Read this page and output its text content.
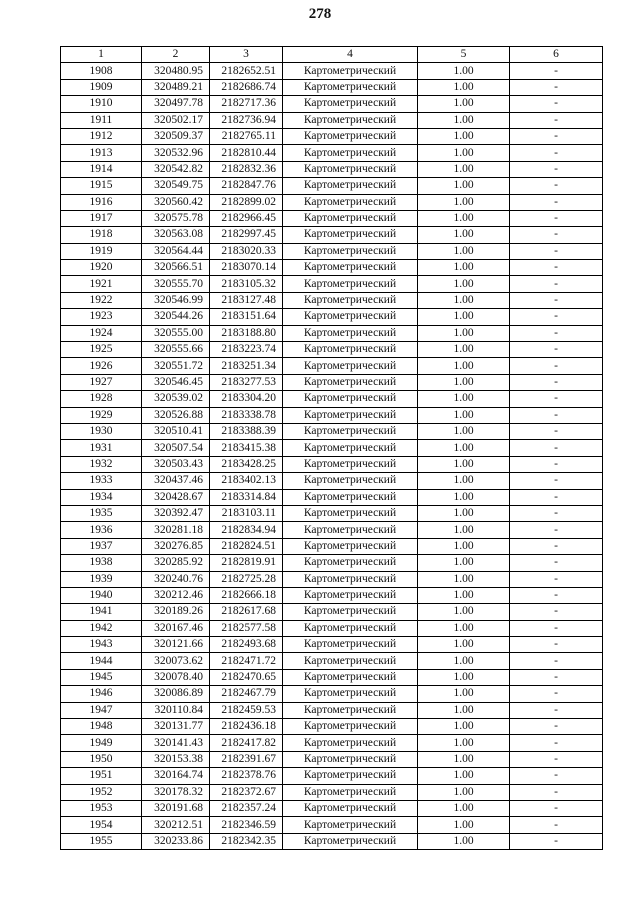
278
1	2	3	4	5	6
1908	320480.95	2182652.51	Картометрический	1.00	-
1909	320489.21	2182686.74	Картометрический	1.00	-
1910	320497.78	2182717.36	Картометрический	1.00	-
1911	320502.17	2182736.94	Картометрический	1.00	-
1912	320509.37	2182765.11	Картометрический	1.00	-
1913	320532.96	2182810.44	Картометрический	1.00	-
1914	320542.82	2182832.36	Картометрический	1.00	-
1915	320549.75	2182847.76	Картометрический	1.00	-
1916	320560.42	2182899.02	Картометрический	1.00	-
1917	320575.78	2182966.45	Картометрический	1.00	-
1918	320563.08	2182997.45	Картометрический	1.00	-
1919	320564.44	2183020.33	Картометрический	1.00	-
1920	320566.51	2183070.14	Картометрический	1.00	-
1921	320555.70	2183105.32	Картометрический	1.00	-
1922	320546.99	2183127.48	Картометрический	1.00	-
1923	320544.26	2183151.64	Картометрический	1.00	-
1924	320555.00	2183188.80	Картометрический	1.00	-
1925	320555.66	2183223.74	Картометрический	1.00	-
1926	320551.72	2183251.34	Картометрический	1.00	-
1927	320546.45	2183277.53	Картометрический	1.00	-
1928	320539.02	2183304.20	Картометрический	1.00	-
1929	320526.88	2183338.78	Картометрический	1.00	-
1930	320510.41	2183388.39	Картометрический	1.00	-
1931	320507.54	2183415.38	Картометрический	1.00	-
1932	320503.43	2183428.25	Картометрический	1.00	-
1933	320437.46	2183402.13	Картометрический	1.00	-
1934	320428.67	2183314.84	Картометрический	1.00	-
1935	320392.47	2183103.11	Картометрический	1.00	-
1936	320281.18	2182834.94	Картометрический	1.00	-
1937	320276.85	2182824.51	Картометрический	1.00	-
1938	320285.92	2182819.91	Картометрический	1.00	-
1939	320240.76	2182725.28	Картометрический	1.00	-
1940	320212.46	2182666.18	Картометрический	1.00	-
1941	320189.26	2182617.68	Картометрический	1.00	-
1942	320167.46	2182577.58	Картометрический	1.00	-
1943	320121.66	2182493.68	Картометрический	1.00	-
1944	320073.62	2182471.72	Картометрический	1.00	-
1945	320078.40	2182470.65	Картометрический	1.00	-
1946	320086.89	2182467.79	Картометрический	1.00	-
1947	320110.84	2182459.53	Картометрический	1.00	-
1948	320131.77	2182436.18	Картометрический	1.00	-
1949	320141.43	2182417.82	Картометрический	1.00	-
1950	320153.38	2182391.67	Картометрический	1.00	-
1951	320164.74	2182378.76	Картометрический	1.00	-
1952	320178.32	2182372.67	Картометрический	1.00	-
1953	320191.68	2182357.24	Картометрический	1.00	-
1954	320212.51	2182346.59	Картометрический	1.00	-
1955	320233.86	2182342.35	Картометрический	1.00	-
